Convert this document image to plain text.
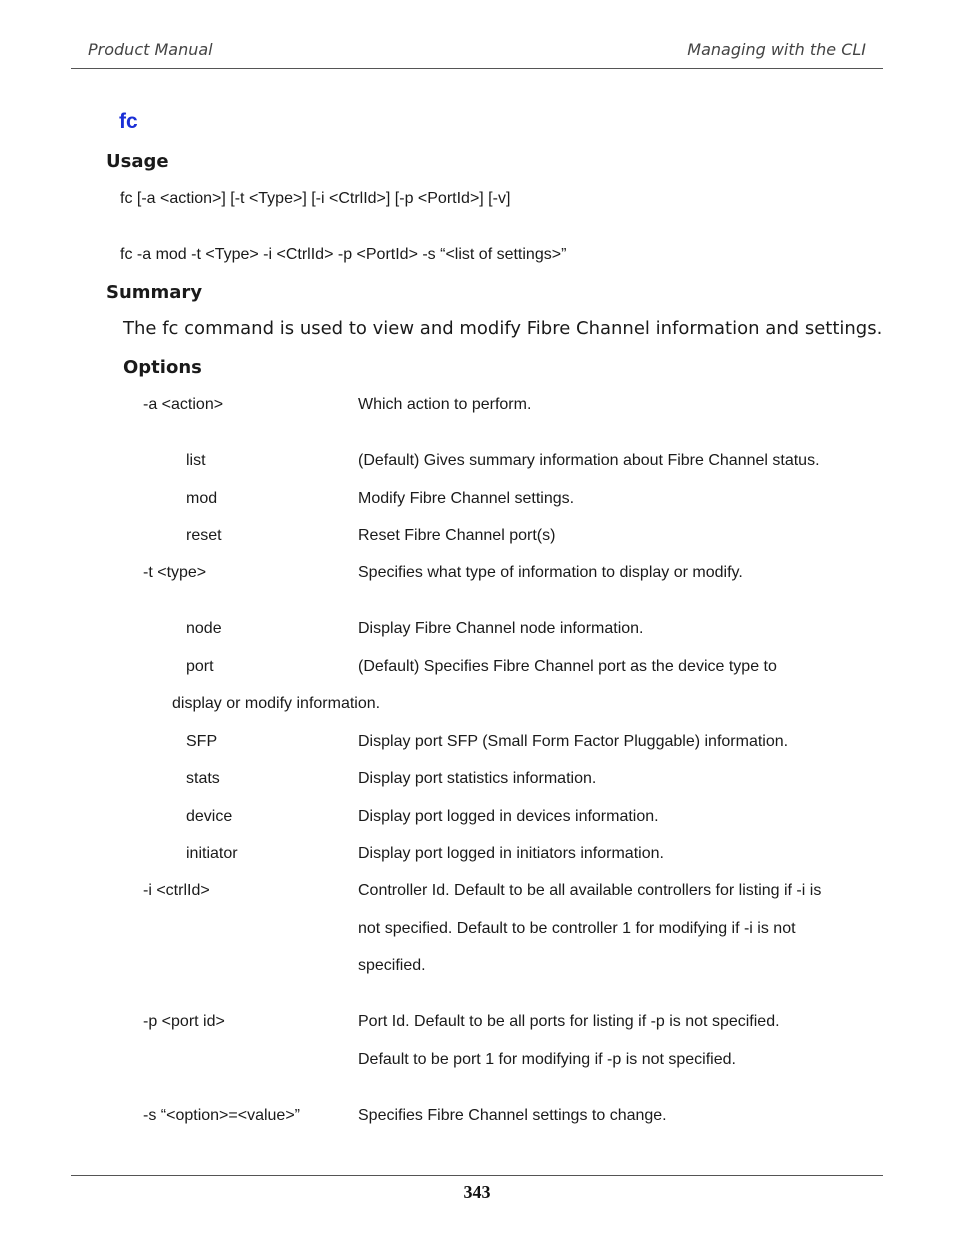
Product Manual	Managing with the CLI
fc
Usage
fc [-a <action>] [-t <Type>] [-i <CtrlId>] [-p <PortId>] [-v]
fc -a mod -t <Type> -i <CtrlId> -p <PortId> -s “<list of settings>”
Summary
The fc command is used to view and modify Fibre Channel information and settings.
Options
-a <action>	Which action to perform.
list	(Default) Gives summary information about Fibre Channel status.
mod	Modify Fibre Channel settings.
reset	Reset Fibre Channel port(s)
-t <type>	Specifies what type of information to display or modify.
node	Display Fibre Channel node information.
port	(Default) Specifies Fibre Channel port as the device type to
display or modify information.
SFP	Display port SFP (Small Form Factor Pluggable) information.
stats	Display port statistics information.
device	Display port logged in devices information.
initiator	Display port logged in initiators information.
-i <ctrlId>	Controller Id. Default to be all available controllers for listing if -i is
not specified. Default to be controller 1 for modifying if -i is not
specified.
-p <port id>	Port Id. Default to be all ports for listing if -p is not specified.
Default to be port 1 for modifying if -p is not specified.
-s “<option>=<value>”	Specifies Fibre Channel settings to change.
343
